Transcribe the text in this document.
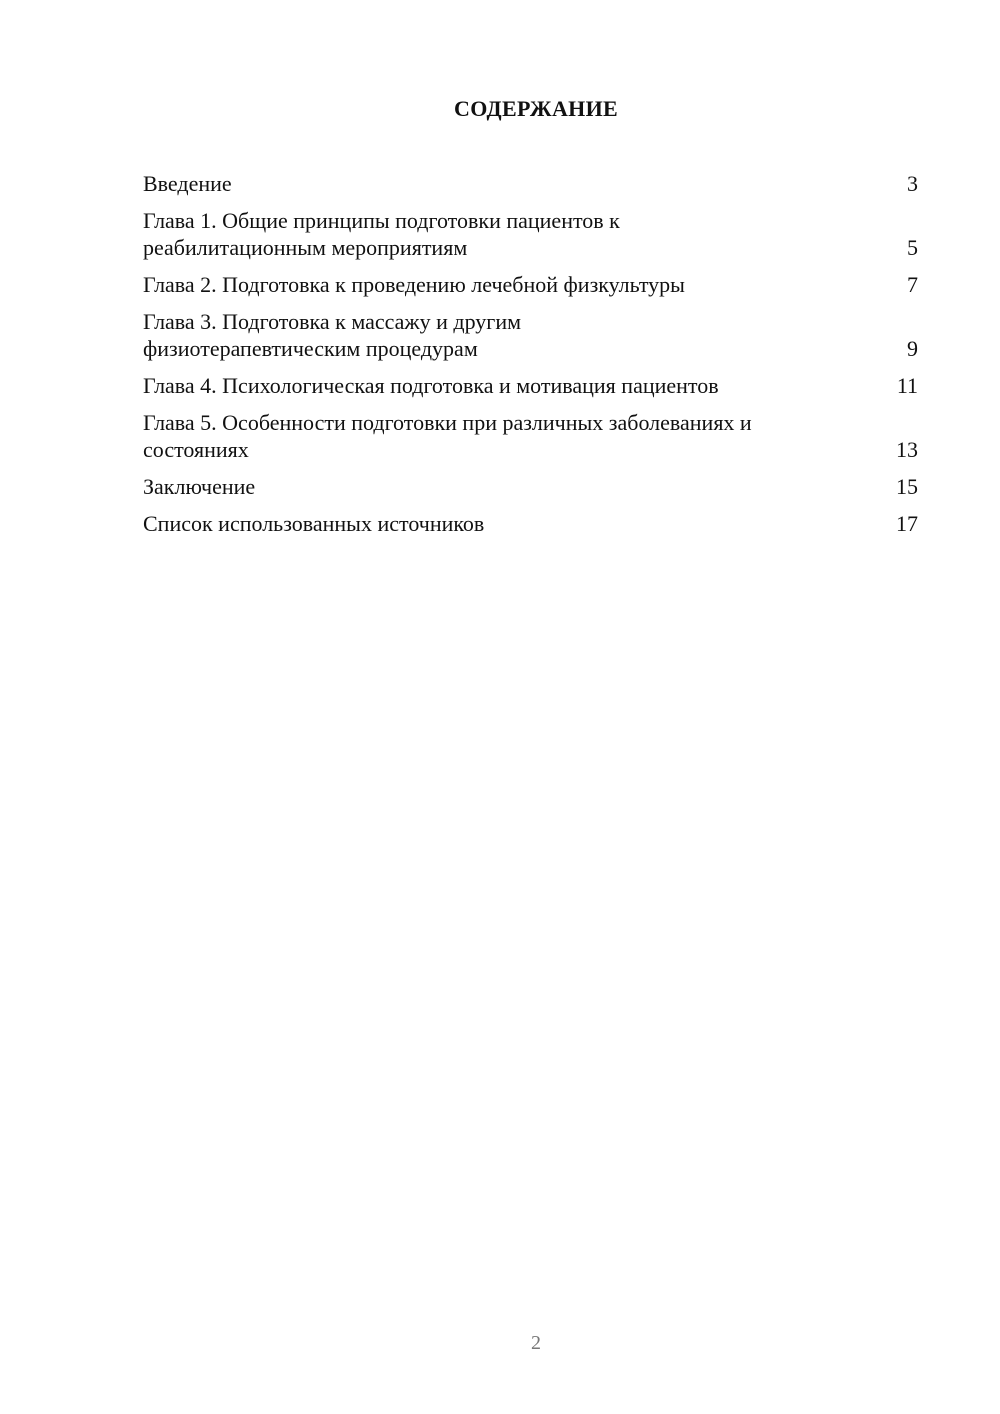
СОДЕРЖАНИЕ
Введение	3
Глава 1. Общие принципы подготовки пациентов к реабилитационным мероприятиям	5
Глава 2. Подготовка к проведению лечебной физкультуры	7
Глава 3. Подготовка к массажу и другим физиотерапевтическим процедурам	9
Глава 4. Психологическая подготовка и мотивация пациентов	11
Глава 5. Особенности подготовки при различных заболеваниях и состояниях	13
Заключение	15
Список использованных источников	17
2
